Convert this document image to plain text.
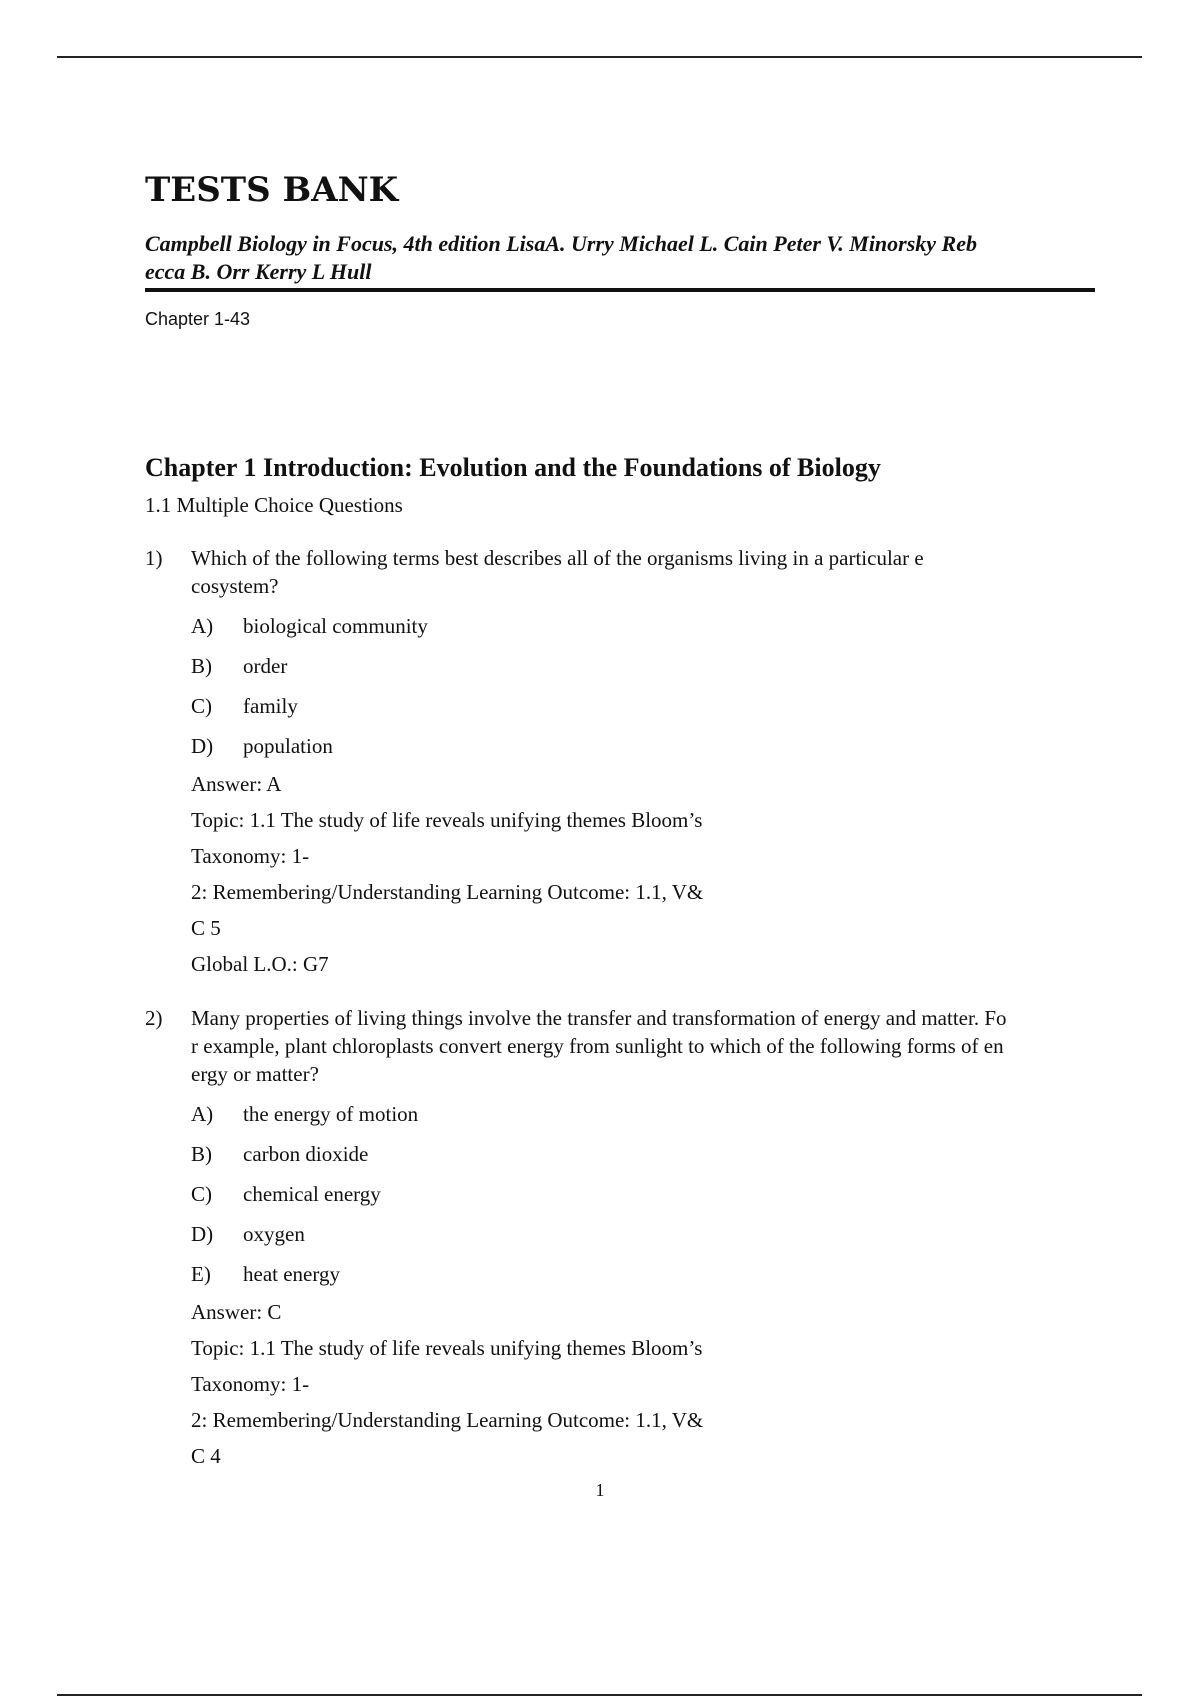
TESTS BANK
Campbell Biology in Focus, 4th edition LisaA. Urry Michael L. Cain Peter V. Minorsky Reb
ecca B. Orr Kerry L Hull
Chapter 1-43
Chapter 1 Introduction: Evolution and the Foundations of Biology
1.1 Multiple Choice Questions
1)	Which of the following terms best describes all of the organisms living in a particular e
cosystem?
A)	biological community
B)	order
C)	family
D)	population
Answer: A
Topic: 1.1 The study of life reveals unifying themes Bloom’s
Taxonomy: 1-
2: Remembering/Understanding Learning Outcome: 1.1, V&
C 5
Global L.O.: G7
2)	Many properties of living things involve the transfer and transformation of energy and matter. Fo
r example, plant chloroplasts convert energy from sunlight to which of the following forms of en
ergy or matter?
A)	the energy of motion
B)	carbon dioxide
C)	chemical energy
D)	oxygen
E)	heat energy
Answer: C
Topic: 1.1 The study of life reveals unifying themes Bloom’s
Taxonomy: 1-
2: Remembering/Understanding Learning Outcome: 1.1, V&
C 4
1
